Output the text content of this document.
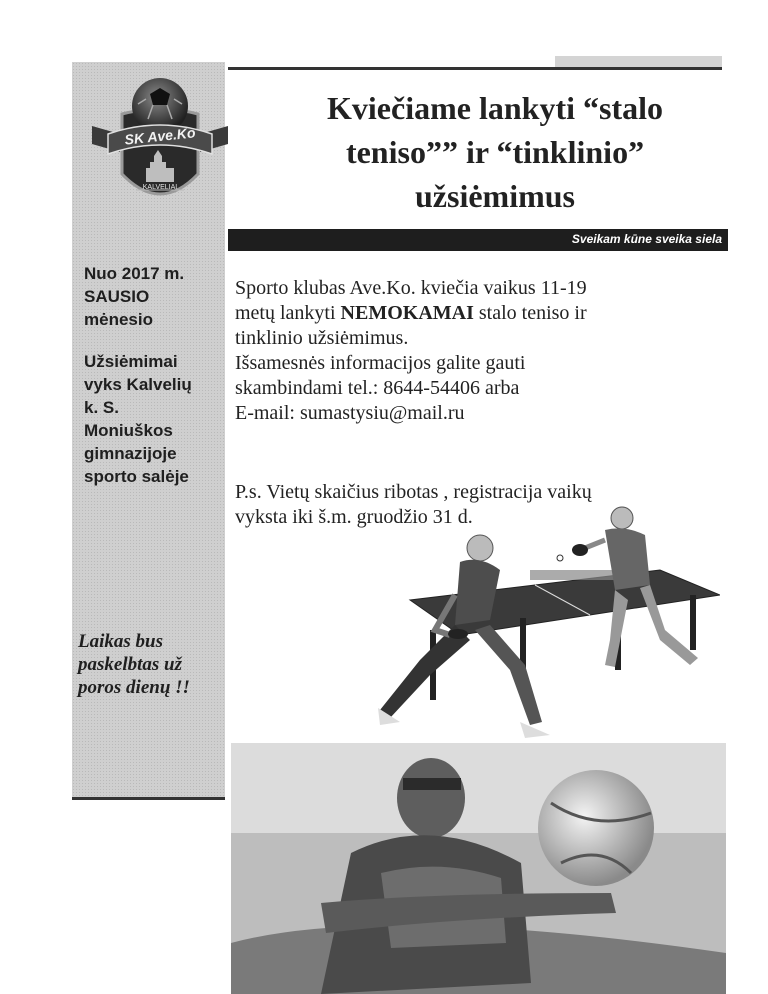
SK Ave.Ko
KALVELIAI
Kviečiame lankyti “stalo
teniso”” ir “tinklinio”
užsiėmimus
Sveikam kūne sveika siela

Nuo 2017 m.
SAUSIO
mėnesio

Užsiėmimai
vyks Kalvelių
k. S.
Moniuškos
gimnazijoje
sporto salėje

Laikas bus
paskelbtas už
poros dienų !!

Sporto klubas Ave.Ko. kviečia vaikus 11-19
metų lankyti NEMOKAMAI stalo teniso ir
tinklinio užsiėmimus.
Išsamesnės informacijos galite gauti
skambindami tel.: 8644-54406 arba
E-mail: sumastysiu@mail.ru

P.s. Vietų skaičius ribotas , registracija vaikų
vyksta iki š.m. gruodžio 31 d.
